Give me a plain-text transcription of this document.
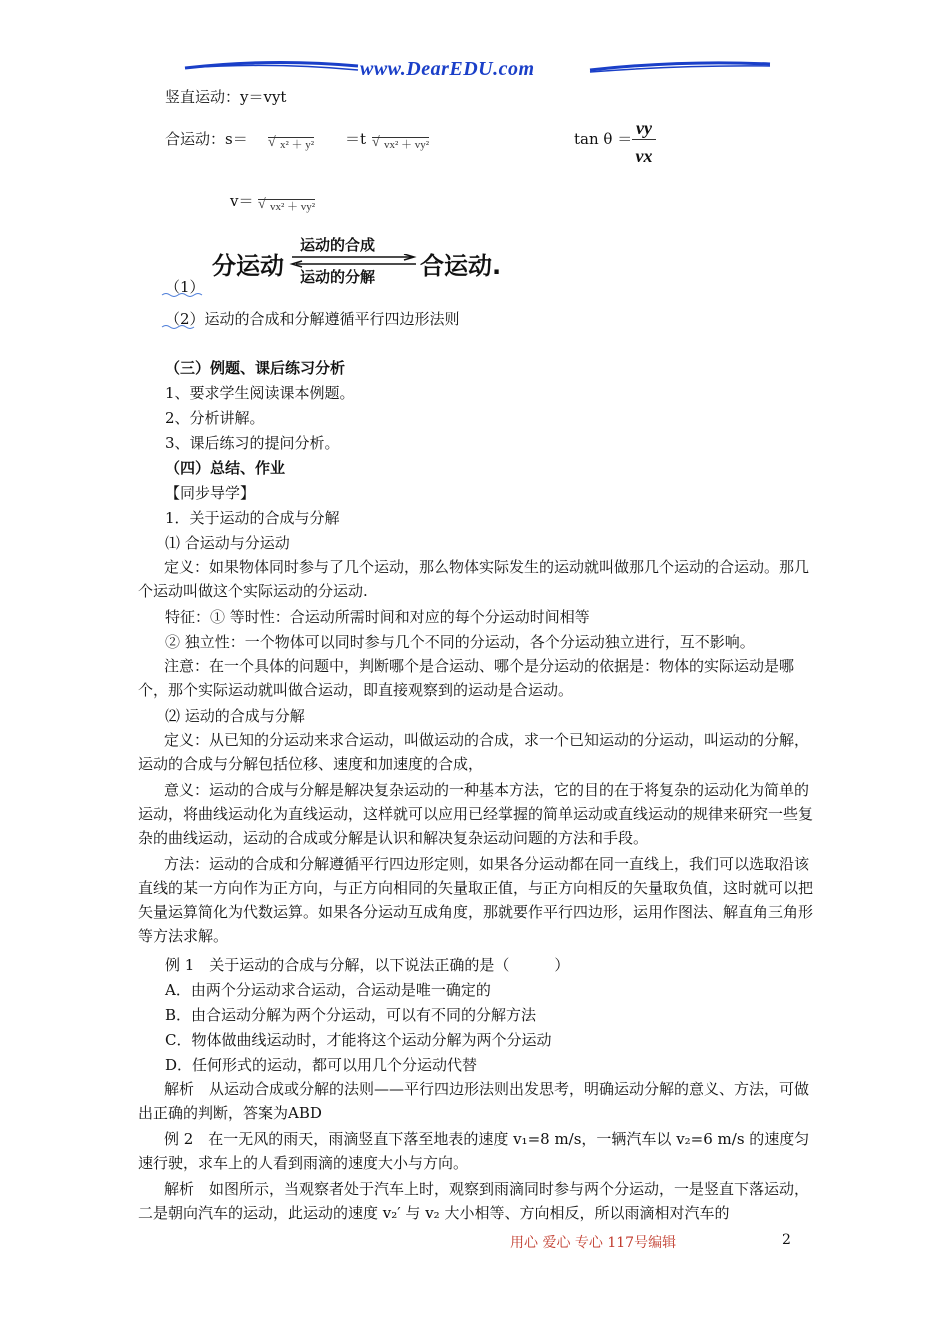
www.DearEDU.com
竖直运动：y＝vyt
合运动：s＝	√ x² ＋ y² ＝t	√ vx² ＋ vy²	tan θ ＝
vy
vx
v＝	√ vx² ＋ vy²
分运动
运动的合成
运动的分解 合运动.
（1）
（2）运动的合成和分解遵循平行四边形法则
（三）例题、课后练习分析
1、要求学生阅读课本例题。
2、分析讲解。
3、课后练习的提问分析。
（四）总结、作业
【同步导学】
1．关于运动的合成与分解
⑴ 合运动与分运动
定义：如果物体同时参与了几个运动，那么物体实际发生的运动就叫做那几个运动的合运动。那几个运动叫做这个实际运动的分运动.
特征：① 等时性：合运动所需时间和对应的每个分运动时间相等
② 独立性：一个物体可以同时参与几个不同的分运动，各个分运动独立进行，互不影响。
注意：在一个具体的问题中，判断哪个是合运动、哪个是分运动的依据是：物体的实际运动是哪个，那个实际运动就叫做合运动，即直接观察到的运动是合运动。
⑵ 运动的合成与分解
定义：从已知的分运动来求合运动，叫做运动的合成，求一个已知运动的分运动，叫运动的分解，运动的合成与分解包括位移、速度和加速度的合成，
意义：运动的合成与分解是解决复杂运动的一种基本方法，它的目的在于将复杂的运动化为简单的运动，将曲线运动化为直线运动，这样就可以应用已经掌握的简单运动或直线运动的规律来研究一些复杂的曲线运动，运动的合成或分解是认识和解决复杂运动问题的方法和手段。
方法：运动的合成和分解遵循平行四边形定则，如果各分运动都在同一直线上，我们可以选取沿该直线的某一方向作为正方向，与正方向相同的矢量取正值，与正方向相反的矢量取负值，这时就可以把矢量运算简化为代数运算。如果各分运动互成角度，那就要作平行四边形，运用作图法、解直角三角形等方法求解。
例 1　关于运动的合成与分解，以下说法正确的是（　　　）
A．由两个分运动求合运动，合运动是唯一确定的
B．由合运动分解为两个分运动，可以有不同的分解方法
C．物体做曲线运动时，才能将这个运动分解为两个分运动
D．任何形式的运动，都可以用几个分运动代替
解析　从运动合成或分解的法则——平行四边形法则出发思考，明确运动分解的意义、方法，可做出正确的判断，答案为ABD
例 2　在一无风的雨天，雨滴竖直下落至地表的速度 v₁=8 m/s，一辆汽车以 v₂=6 m/s 的速度匀速行驶，求车上的人看到雨滴的速度大小与方向。
解析　如图所示，当观察者处于汽车上时，观察到雨滴同时参与两个分运动，一是竖直下落运动，二是朝向汽车的运动，此运动的速度 v₂′ 与 v₂ 大小相等、方向相反，所以雨滴相对汽车的
用心 爱心 专心 117号编辑	2
